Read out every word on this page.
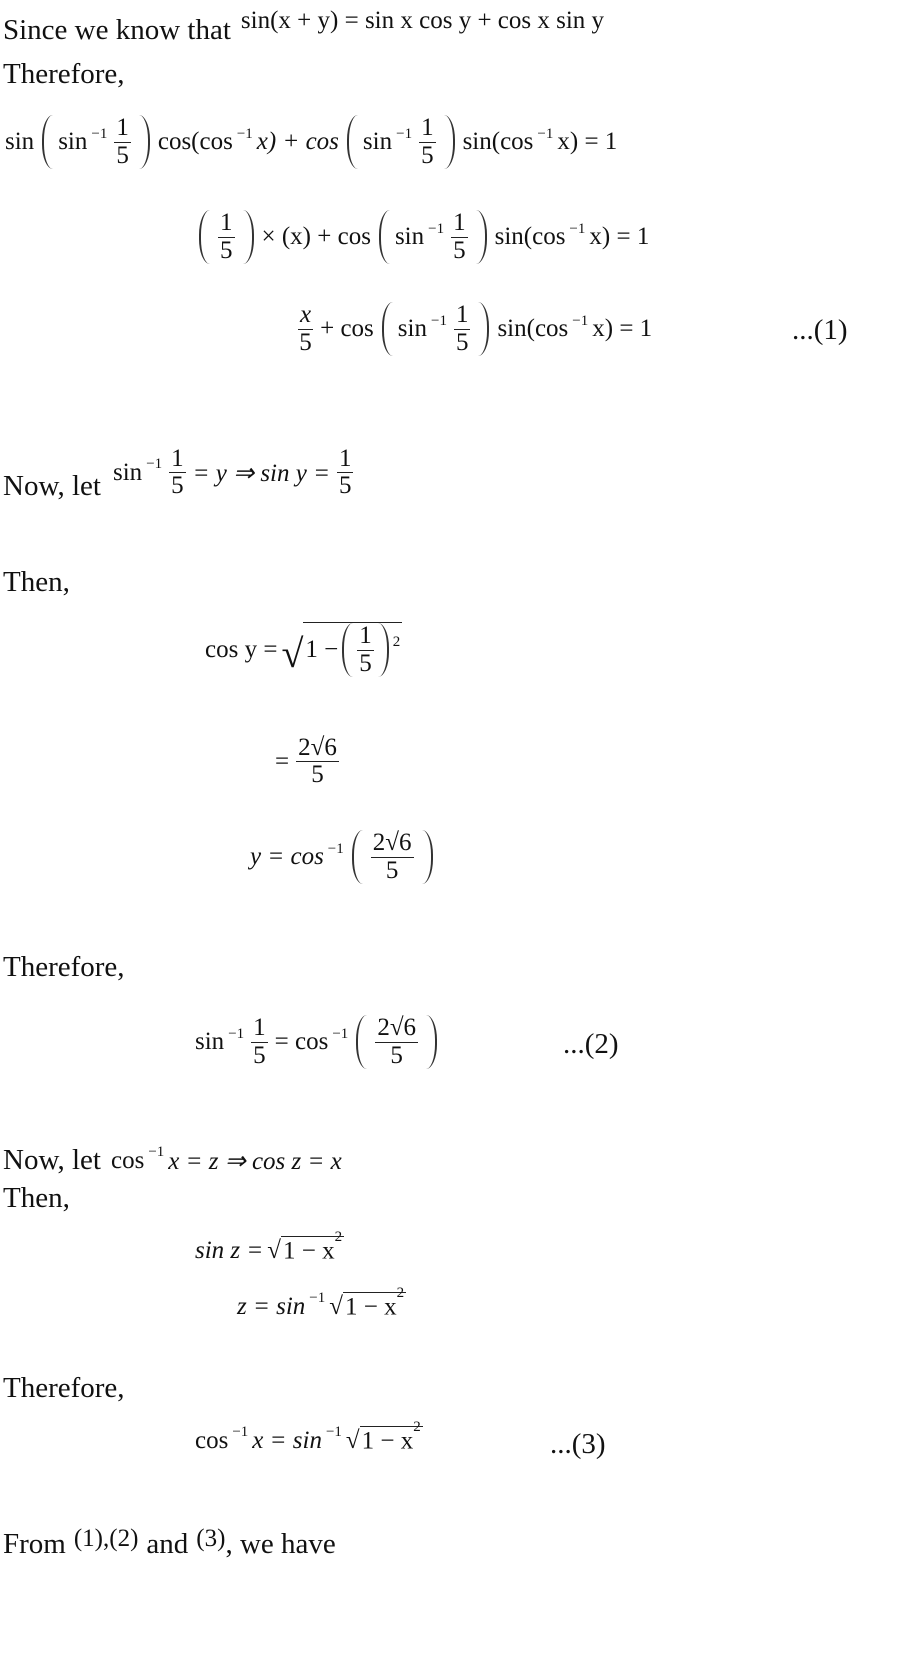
Since we know that sin(x + y) = sin x cos y + cos x sin y
Therefore,
$\sin \sin -1 \frac{1}{5} \cos(\cos -1$ $x) + \cos \sin -1 \frac{1}{5} \sin(\cos -1$ x) = 1
$\frac{1}{5} \times (x) + \cos \sin -1 \frac{1}{5} \sin(\cos -1$ x) = 1
$\frac{x}{5} + \cos \sin -1 \frac{1}{5} \sin(\cos -1$ x) = 1	...(1)
Now, let $\sin -1 \frac{1}{5} = y$ ⇒ $\sin y = \frac{1}{5}$
Then,
cos y = √ $1 - \frac{1}{5} 2$
= $\frac{2√6}{5}$
$y = \cos -1 \frac{2√6}{5}$
Therefore,
$\sin -1 \frac{1}{5} = \cos -1 \frac{2√6}{5}$	...(2)
Now, let cos −1 x = z ⇒ cos z = x
Then,
sin z = √ $1 - x^2$
z = sin −1 √ $1 - x^2$
Therefore,
cos −1 x = sin −1 √ $1 - x^2$
...(3)
From (1),(2) and (3) , we have
